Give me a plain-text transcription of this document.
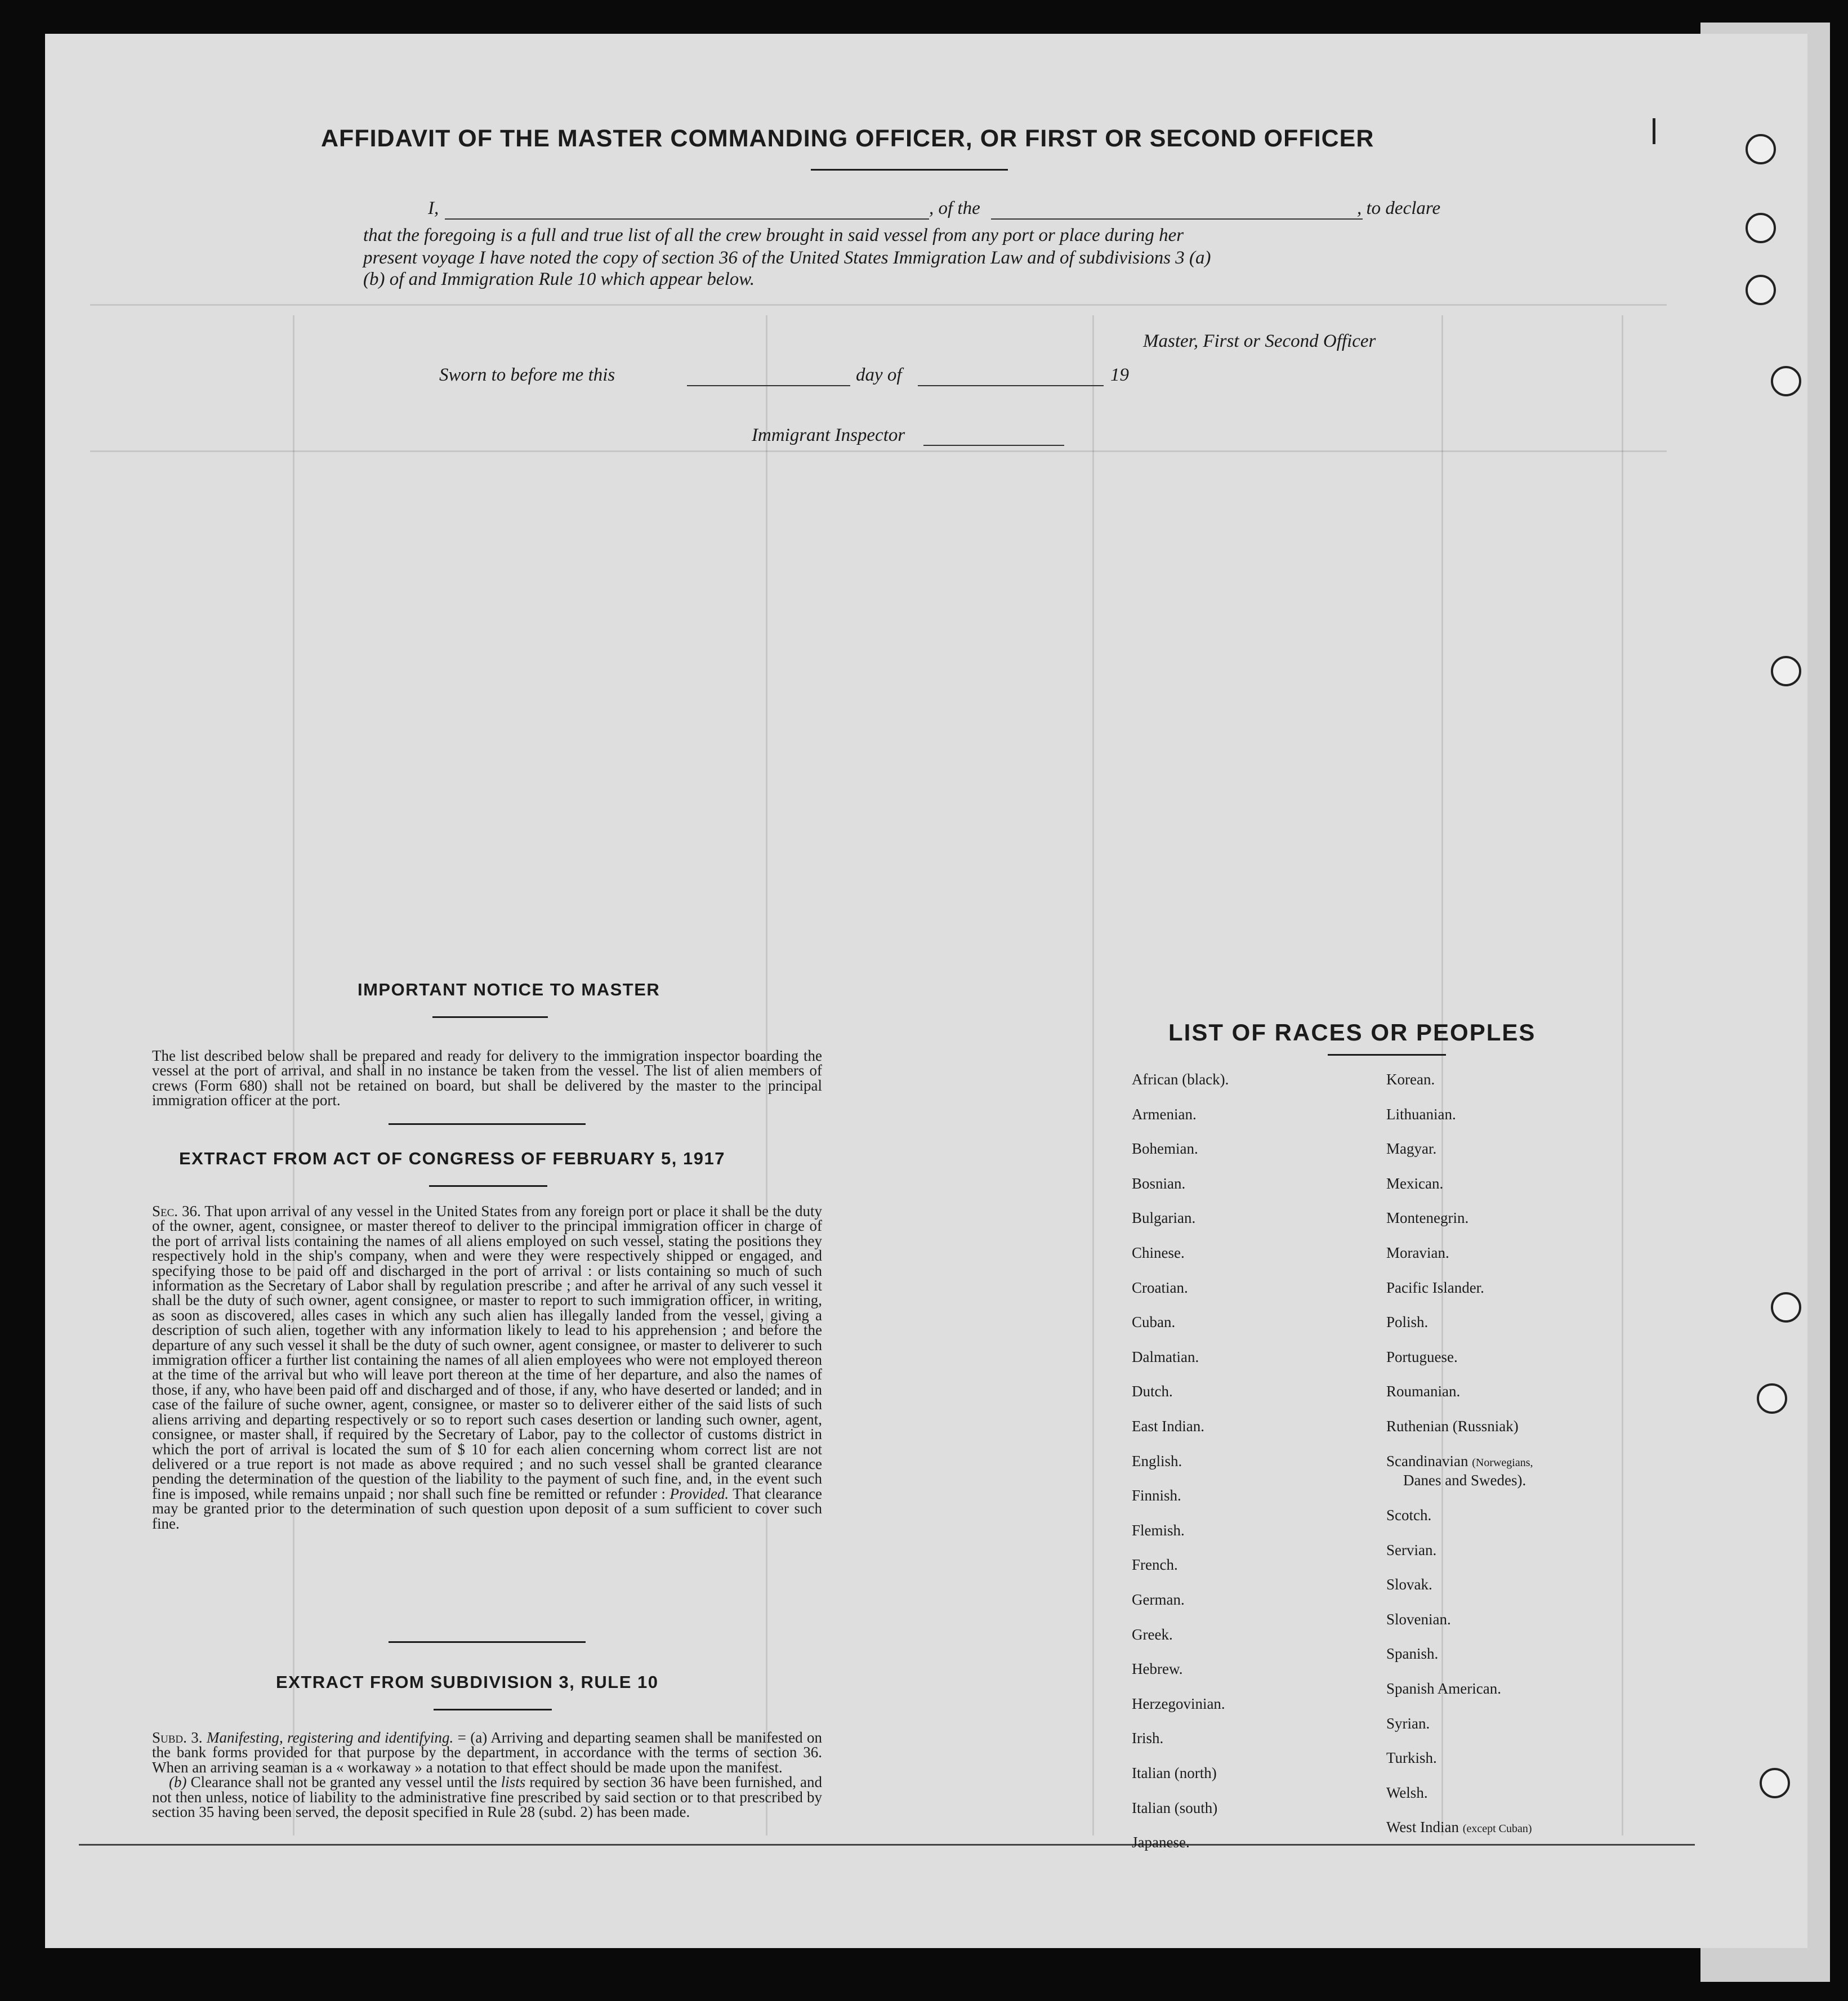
AFFIDAVIT OF THE MASTER COMMANDING OFFICER, OR FIRST OR SECOND OFFICER
I,	, of the	, to declare
that the foregoing is a full and true list of all the crew brought in said vessel from any port or place during her
present voyage I have noted the copy of section 36 of the United States Immigration Law and of subdivisions 3 (a)
(b) of and Immigration Rule 10 which appear below.
Master, First or Second Officer
Sworn to before me this	day of	19
Immigrant Inspector
IMPORTANT NOTICE TO MASTER

The list described below shall be prepared and ready for delivery to the immigration inspector boarding the vessel at the port of arrival, and shall in no instance be taken from the vessel. The list of alien members of crews (Form 680) shall not be retained on board, but shall be delivered by the master to the principal immigration officer at the port.

EXTRACT FROM ACT OF CONGRESS OF FEBRUARY 5, 1917

Sec. 36. That upon arrival of any vessel in the United States from any foreign port or place it shall be the duty of the owner, agent, consignee, or master thereof to deliver to the principal immigration officer in charge of the port of arrival lists containing the names of all aliens employed on such vessel, stating the positions they respectively hold in the ship's company, when and were they were respectively shipped or engaged, and specifying those to be paid off and discharged in the port of arrival : or lists containing so much of such information as the Secretary of Labor shall by regulation prescribe ; and after he arrival of any such vessel it shall be the duty of such owner, agent consignee, or master to report to such immigration officer, in writing, as soon as discovered, alles cases in which any such alien has illegally landed from the vessel, giving a description of such alien, together with any information likely to lead to his apprehension ; and before the departure of any such vessel it shall be the duty of such owner, agent consignee, or master to deliverer to such immigration officer a further list containing the names of all alien employees who were not employed thereon at the time of the arrival but who will leave port thereon at the time of her departure, and also the names of those, if any, who have been paid off and discharged and of those, if any, who have deserted or landed; and in case of the failure of suche owner, agent, consignee, or master so to deliverer either of the said lists of such aliens arriving and departing respectively or so to report such cases desertion or landing such owner, agent, consignee, or master shall, if required by the Secretary of Labor, pay to the collector of customs district in which the port of arrival is located the sum of $ 10 for each alien concerning whom correct list are not delivered or a true report is not made as above required ; and no such vessel shall be granted clearance pending the determination of the question of the liability to the payment of such fine, and, in the event such fine is imposed, while remains unpaid ; nor shall such fine be remitted or refunder : Provided. That clearance may be granted prior to the determination of such question upon deposit of a sum sufficient to cover such fine.

EXTRACT FROM SUBDIVISION 3, RULE 10

Subd. 3. Manifesting, registering and identifying. = (a) Arriving and departing seamen shall be manifested on the bank forms provided for that purpose by the department, in accordance with the terms of section 36. When an arriving seaman is a « workaway » a notation to that effect should be made upon the manifest.

(b) Clearance shall not be granted any vessel until the lists required by section 36 have been furnished, and not then unless, notice of liability to the administrative fine prescribed by said section or to that prescribed by section 35 having been served, the deposit specified in Rule 28 (subd. 2) has been made.

LIST OF RACES OR PEOPLES
Scandinavian (Norwegians,
Danes and Swedes).
West Indian (except Cuban)
African (black).
Armenian.
Bohemian.
Bosnian.
Bulgarian.
Chinese.
Croatian.
Cuban.
Dalmatian.
Dutch.
East Indian.
English.
Finnish.
Flemish.
French.
German.
Greek.
Hebrew.
Herzegovinian.
Irish.
Italian (north)
Italian (south)
Japanese.
Korean.
Lithuanian.
Magyar.
Mexican.
Montenegrin.
Moravian.
Pacific Islander.
Polish.
Portuguese.
Roumanian.
Ruthenian (Russniak)
Scotch.
Servian.
Slovak.
Slovenian.
Spanish.
Spanish American.
Syrian.
Turkish.
Welsh.
